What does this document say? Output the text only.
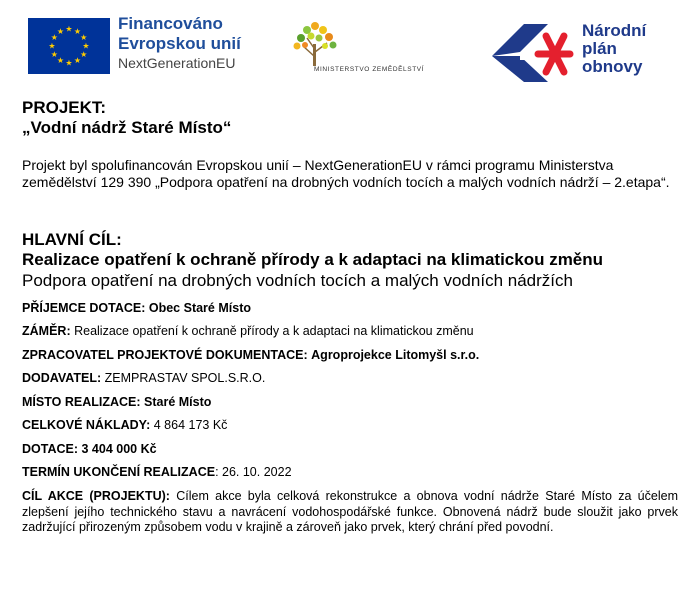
★ ★
★
★
★
★
★
★
★
★
★
★	Financováno
Evropskou unií
NextGenerationEU	MINISTERSTVO ZEMĚDĚLSTVÍ
Národní
plán
obnovy

PROJEKT:

„Vodní nádrž Staré Místo“

Projekt byl spolufinancován Evropskou unií – NextGenerationEU v rámci programu Ministerstva zemědělství 129 390 „Podpora opatření na drobných vodních tocích a malých vodních nádrží – 2.etapa“.

HLAVNÍ CÍL:

Realizace opatření k ochraně přírody a k adaptaci na klimatickou změnu

Podpora opatření na drobných vodních tocích a malých vodních nádržích

PŘÍJEMCE DOTACE: Obec Staré Místo

ZÁMĚR: Realizace opatření k ochraně přírody a k adaptaci na klimatickou změnu

ZPRACOVATEL PROJEKTOVÉ DOKUMENTACE: Agroprojekce Litomyšl s.r.o.

DODAVATEL: ZEMPRASTAV SPOL.S.R.O.

MÍSTO REALIZACE: Staré Místo

CELKOVÉ NÁKLADY: 4 864 173 Kč

DOTACE: 3 404 000 Kč

TERMÍN UKONČENÍ REALIZACE: 26. 10. 2022

CÍL AKCE (PROJEKTU): Cílem akce byla celková rekonstrukce a obnova vodní nádrže Staré Místo za účelem zlepšení jejího technického stavu a navrácení vodohospodářské funkce. Obnovená nádrž bude sloužit jako prvek zadržující přirozeným způsobem vodu v krajině a zároveň jako prvek, který chrání před povodní.
